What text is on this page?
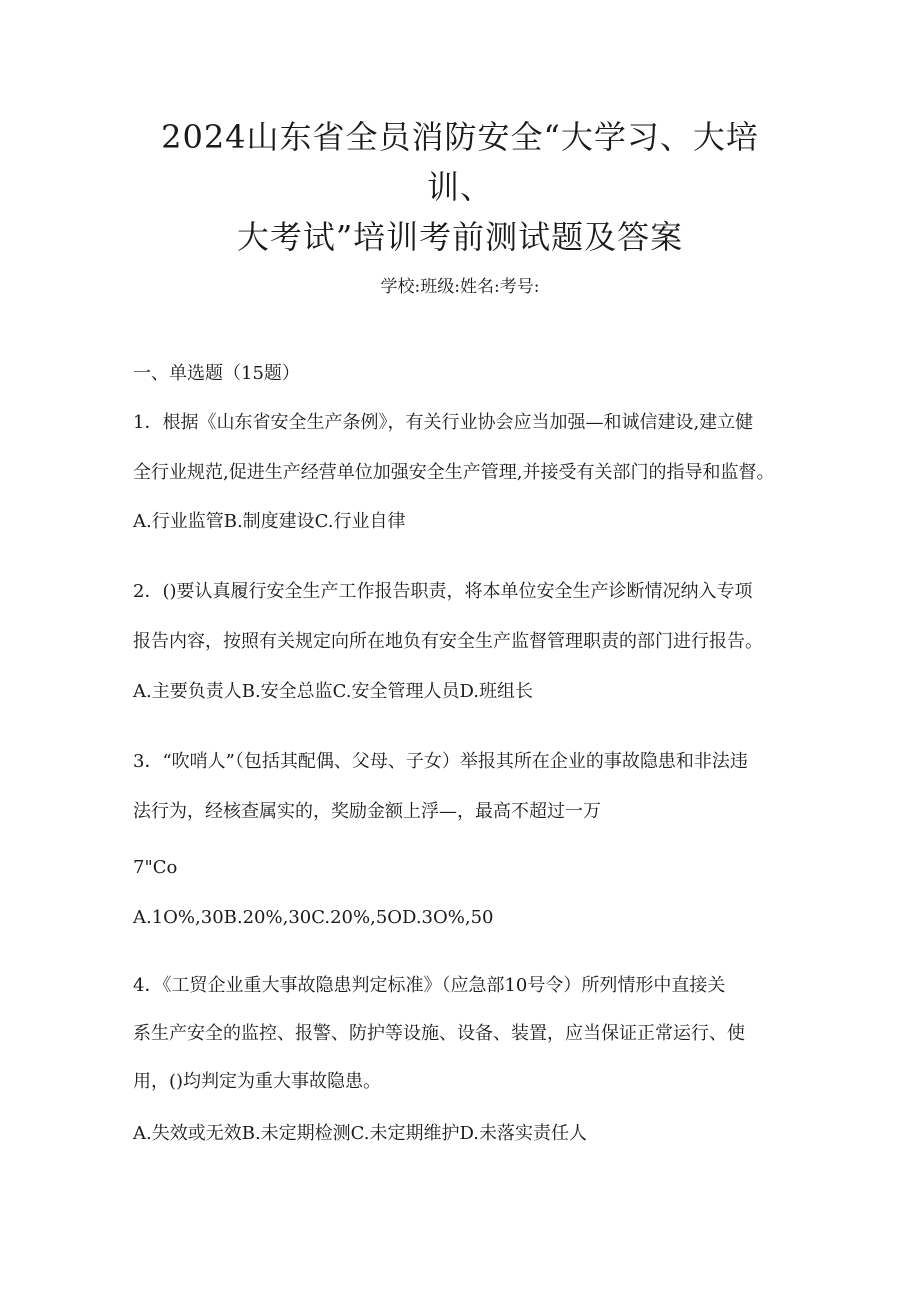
2024山东省全员消防安全“大学习、大培
训、
大考试”培训考前测试题及答案
学校:班级:姓名:考号:
一、单选题（15题）
1．根据《山东省安全生产条例》，有关行业协会应当加强—和诚信建设,建立健
全行业规范,促进生产经营单位加强安全生产管理,并接受有关部门的指导和监督。
A.行业监管B.制度建设C.行业自律
2．()要认真履行安全生产工作报告职责，将本单位安全生产诊断情况纳入专项
报告内容，按照有关规定向所在地负有安全生产监督管理职责的部门进行报告。
A.主要负责人B.安全总监C.安全管理人员D.班组长
3．“吹哨人”（包括其配偶、父母、子女）举报其所在企业的事故隐患和非法违
法行为，经核查属实的，奖励金额上浮—，最高不超过一万
7"Co
A.1O%,30B.20%,30C.20%,5OD.3O%,50
4．《工贸企业重大事故隐患判定标准》（应急部10号令）所列情形中直接关
系生产安全的监控、报警、防护等设施、设备、装置，应当保证正常运行、使
用，()均判定为重大事故隐患。
A.失效或无效B.未定期检测C.未定期维护D.未落实责任人
